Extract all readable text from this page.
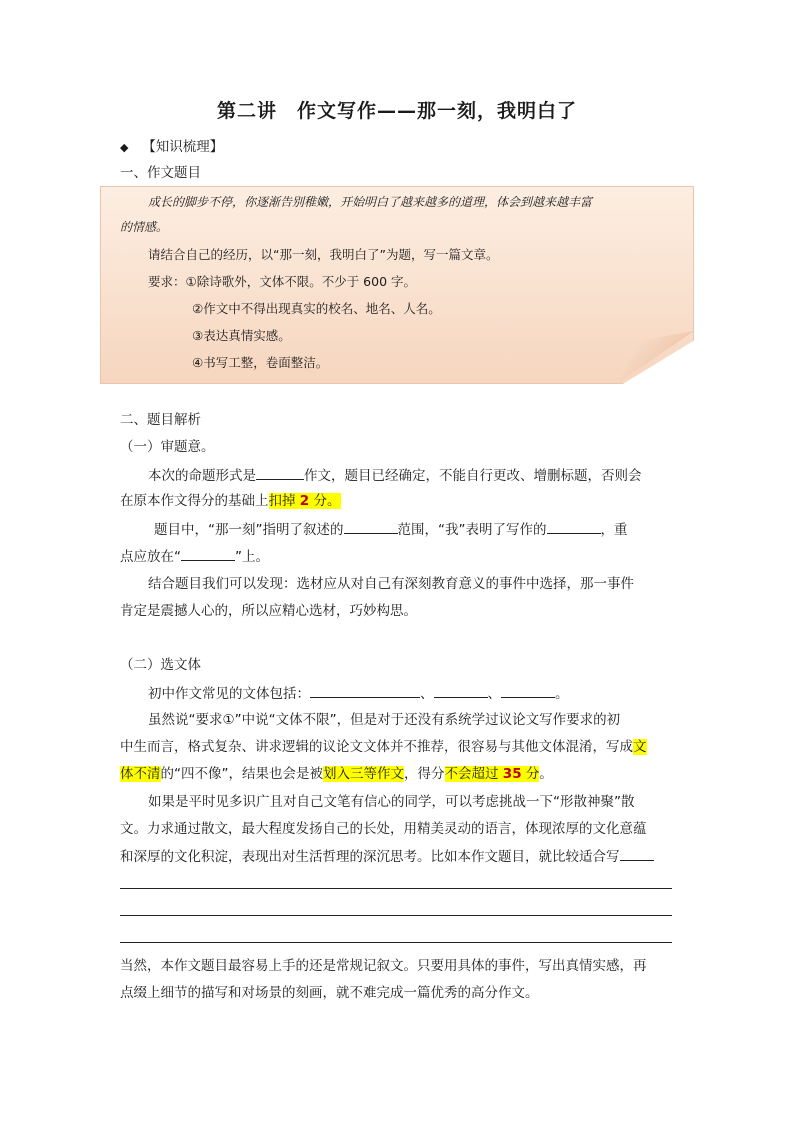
第二讲　作文写作——那一刻，我明白了
◆ 【知识梳理】
一、作文题目
成长的脚步不停，你逐渐告别稚嫩，开始明白了越来越多的道理，体会到越来越丰富
的情感。
请结合自己的经历，以“那一刻，我明白了”为题，写一篇文章。
要求：①除诗歌外，文体不限。不少于 600 字。
②作文中不得出现真实的校名、地名、人名。
③表达真情实感。
④书写工整，卷面整洁。
二、题目解析
（一）审题意。
本次的命题形式是	作文，题目已经确定，不能自行更改、增删标题，否则会
在原本作文得分的基础上扣掉 2 分。
题目中，“那一刻”指明了叙述的	范围，“我”表明了写作的	，重
点应放在“	”上。
结合题目我们可以发现：选材应从对自己有深刻教育意义的事件中选择，那一事件
肯定是震撼人心的，所以应精心选材，巧妙构思。
（二）选文体
初中作文常见的文体包括：	、	、	。
虽然说“要求①”中说“文体不限”，但是对于还没有系统学过议论文写作要求的初
中生而言，格式复杂、讲求逻辑的议论文文体并不推荐，很容易与其他文体混淆，写成文
体不清的“四不像”，结果也会是被划入三等作文，得分不会超过 35 分。
如果是平时见多识广且对自己文笔有信心的同学，可以考虑挑战一下“形散神聚”散
文。力求通过散文，最大程度发扬自己的长处，用精美灵动的语言，体现浓厚的文化意蕴
和深厚的文化积淀，表现出对生活哲理的深沉思考。比如本作文题目，就比较适合写
当然，本作文题目最容易上手的还是常规记叙文。只要用具体的事件，写出真情实感，再
点缀上细节的描写和对场景的刻画，就不难完成一篇优秀的高分作文。
